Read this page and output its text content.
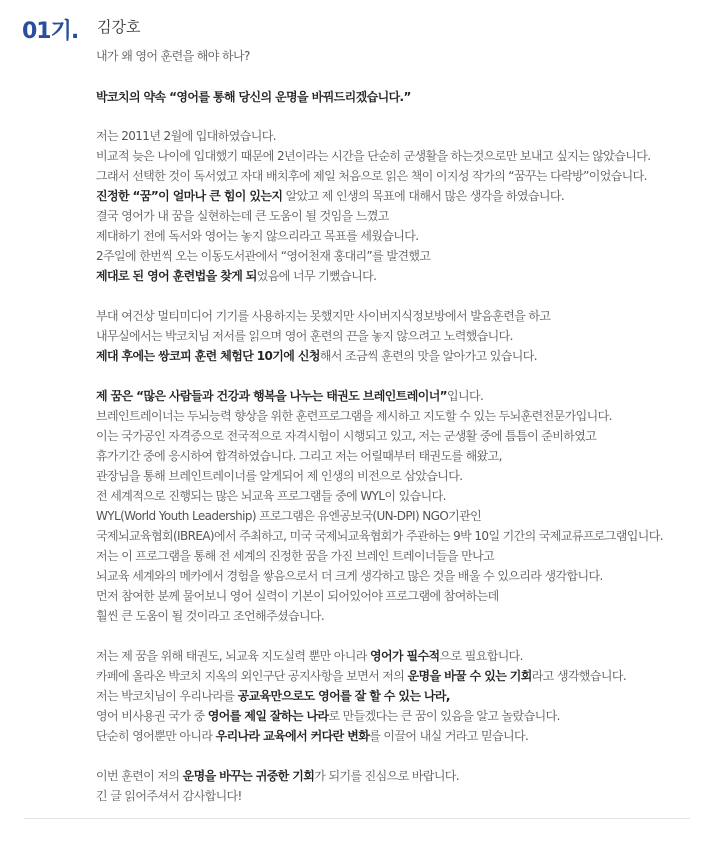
01기. 김강호
내가 왜 영어 훈련을 해야 하나?
박코치의 약속 “영어를 통해 당신의 운명을 바꿔드리겠습니다.”
저는 2011년 2월에 입대하였습니다.
비교적 늦은 나이에 입대했기 때문에 2년이라는 시간을 단순히 군생활을 하는것으로만 보내고 싶지는 않았습니다.
그래서 선택한 것이 독서였고 자대 배치후에 제일 처음으로 읽은 책이 이지성 작가의 “꿈꾸는 다락방”이었습니다.
진정한 “꿈”이 얼마나 큰 힘이 있는지 알았고 제 인생의 목표에 대해서 많은 생각을 하였습니다.
결국 영어가 내 꿈을 실현하는데 큰 도움이 될 것임을 느꼈고
제대하기 전에 독서와 영어는 놓지 않으리라고 목표를 세웠습니다.
2주일에 한번씩 오는 이동도서관에서 “영어천재 홍대리”를 발견했고
제대로 된 영어 훈련법을 찾게 되었음에 너무 기뻤습니다.
부대 여건상 멀티미디어 기기를 사용하지는 못했지만 사이버지식정보방에서 발음훈련을 하고
내무실에서는 박코치님 저서를 읽으며 영어 훈련의 끈을 놓지 않으려고 노력했습니다.
제대 후에는 쌍코피 훈련 체험단 10기에 신청해서 조금씩 훈련의 맛을 알아가고 있습니다.
제 꿈은 “많은 사람들과 건강과 행복을 나누는 태권도 브레인트레이너”입니다.
브레인트레이너는 두뇌능력 향상을 위한 훈련프로그램을 제시하고 지도할 수 있는 두뇌훈련전문가입니다.
이는 국가공인 자격증으로 전국적으로 자격시험이 시행되고 있고, 저는 군생활 중에 틈틈이 준비하였고
휴가기간 중에 응시하여 합격하였습니다. 그리고 저는 어릴때부터 태권도를 해왔고,
관장님을 통해 브레인트레이너를 알게되어 제 인생의 비전으로 삼았습니다.
전 세계적으로 진행되는 많은 뇌교육 프로그램들 중에 WYL이 있습니다.
WYL(World Youth Leadership) 프로그램은 유엔공보국(UN-DPI) NGO기관인
국제뇌교육협회(IBREA)에서 주최하고, 미국 국제뇌교육협회가 주관하는 9박 10일 기간의 국제교류프로그램입니다.
저는 이 프로그램을 통해 전 세계의 진정한 꿈을 가진 브레인 트레이너들을 만나고
뇌교육 세계와의 메카에서 경험을 쌓음으로서 더 크게 생각하고 많은 것을 배울 수 있으리라 생각합니다.
먼저 참여한 분께 물어보니 영어 실력이 기본이 되어있어야 프로그램에 참여하는데
훨씬 큰 도움이 될 것이라고 조언해주셨습니다.
저는 제 꿈을 위해 태권도, 뇌교육 지도실력 뿐만 아니라 영어가 필수적으로 필요합니다.
카페에 올라온 박코치 지옥의 외인구단 공지사항을 보면서 저의 운명을 바꿀 수 있는 기회라고 생각했습니다.
저는 박코치님이 우리나라를 공교육만으로도 영어를 잘 할 수 있는 나라,
영어 비사용권 국가 중 영어를 제일 잘하는 나라로 만들겠다는 큰 꿈이 있음을 알고 놀랐습니다.
단순히 영어뿐만 아니라 우리나라 교육에서 커다란 변화를 이끌어 내실 거라고 믿습니다.
이번 훈련이 저의 운명을 바꾸는 귀중한 기회가 되기를 진심으로 바랍니다.
긴 글 읽어주셔서 감사합니다!
